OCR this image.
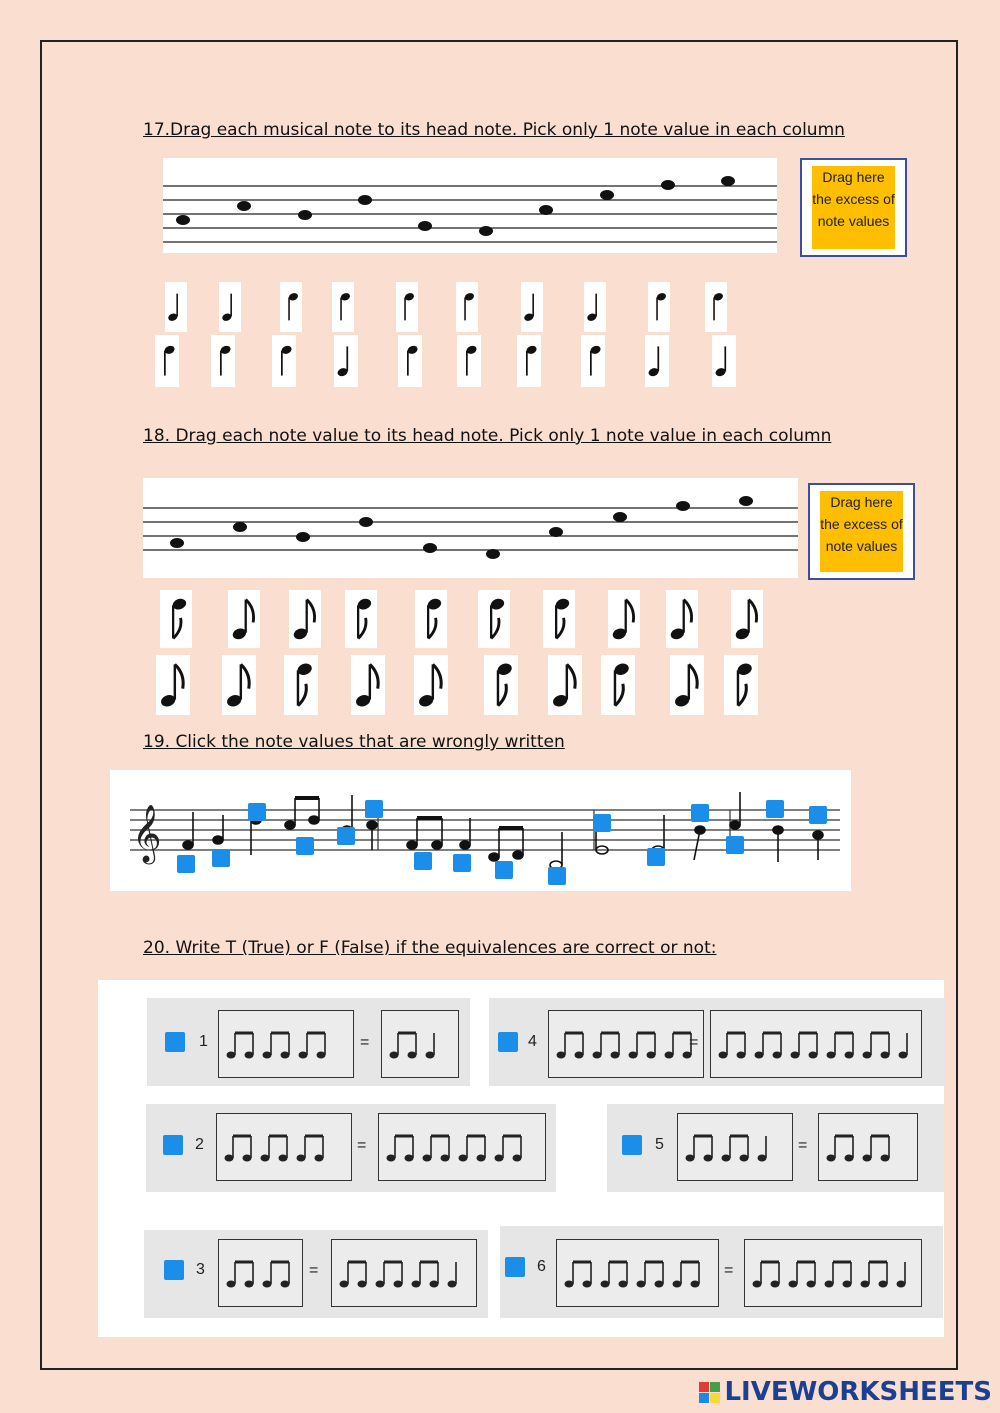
17.Drag each musical note to its head note. Pick only 1 note value in each column
Drag here the excess of note values
18. Drag each note value to its head note. Pick only 1 note value in each column
Drag here the excess of note values
19. Click the note values that are wrongly written
𝄞
20. Write T (True) or F (False) if the equivalences are correct or not:
1	=	4	=
2	=	5	=
3	=	6	=
LIVEWORKSHEETS
